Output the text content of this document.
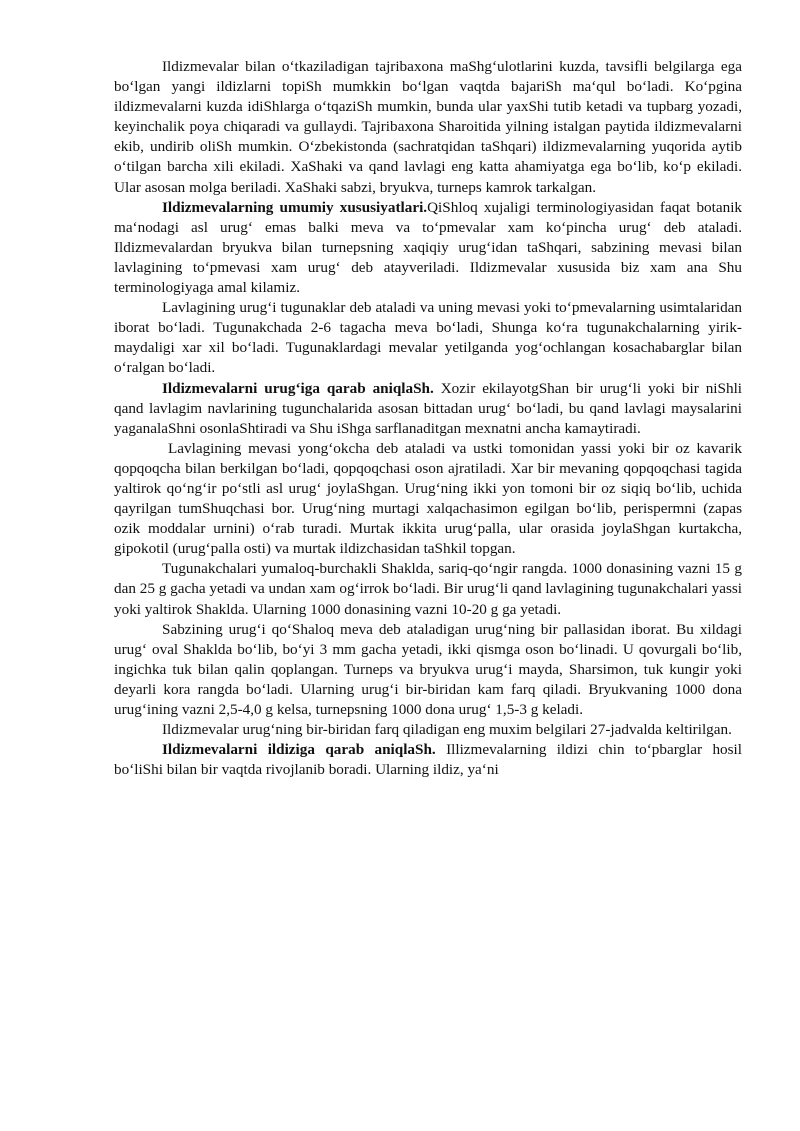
Ildizmevalar bilan o‘tkaziladigan tajribaxona maShg‘ulotlarini kuzda, tavsifli belgilarga ega bo‘lgan yangi ildizlarni topiSh mumkkin bo‘lgan vaqtda bajariSh ma‘qul bo‘ladi. Ko‘pgina ildizmevalarni kuzda idiShlarga o‘tqaziSh mumkin, bunda ular yaxShi tutib ketadi va tupbarg yozadi, keyinchalik poya chiqaradi va gullaydi. Tajribaxona Sharoitida yilning istalgan paytida ildizmevalarni ekib, undirib oliSh mumkin. O‘zbekistonda (sachratqidan taShqari) ildizmevalarning yuqorida aytib o‘tilgan barcha xili ekiladi. XaShaki va qand lavlagi eng katta ahamiyatga ega bo‘lib, ko‘p ekiladi. Ular asosan molga beriladi. XaShaki sabzi, bryukva, turneps kamrok tarkalgan.

Ildizmevalarning umumiy xususiyatlari.QiShloq xujaligi terminologiyasidan faqat botanik ma‘nodagi asl urug‘ emas balki meva va to‘pmevalar xam ko‘pincha urug‘ deb ataladi. Ildizmevalardan bryukva bilan turnepsning xaqiqiy urug‘idan taShqari, sabzining mevasi bilan lavlagining to‘pmevasi xam urug‘ deb atayveriladi. Ildizmevalar xususida biz xam ana Shu terminologiyaga amal kilamiz.

Lavlagining urug‘i tugunaklar deb ataladi va uning mevasi yoki to‘pmevalarning usimtalaridan iborat bo‘ladi. Tugunakchada 2-6 tagacha meva bo‘ladi, Shunga ko‘ra tugunakchalarning yirik-maydaligi xar xil bo‘ladi. Tugunaklardagi mevalar yetilganda yog‘ochlangan kosachabarglar bilan o‘ralgan bo‘ladi.

Ildizmevalarni urug‘iga qarab aniqlaSh. Xozir ekilayotgShan bir urug‘li yoki bir niShli qand lavlagim navlarining tugunchalarida asosan bittadan urug‘ bo‘ladi, bu qand lavlagi maysalarini yaganalaShni osonlaShtiradi va Shu iShga sarflanaditgan mexnatni ancha kamaytiradi.

Lavlagining mevasi yong‘okcha deb ataladi va ustki tomonidan yassi yoki bir oz kavarik qopqoqcha bilan berkilgan bo‘ladi, qopqoqchasi oson ajratiladi. Xar bir mevaning qopqoqchasi tagida yaltirok qo‘ng‘ir po‘stli asl urug‘ joylaShgan. Urug‘ning ikki yon tomoni bir oz siqiq bo‘lib, uchida qayrilgan tumShuqchasi bor. Urug‘ning murtagi xalqachasimon egilgan bo‘lib, perispermni (zapas ozik moddalar urnini) o‘rab turadi. Murtak ikkita urug‘palla, ular orasida joylaShgan kurtakcha, gipokotil (urug‘palla osti) va murtak ildizchasidan taShkil topgan.

Tugunakchalari yumaloq-burchakli Shaklda, sariq-qo‘ngir rangda. 1000 donasining vazni 15 g dan 25 g gacha yetadi va undan xam og‘irrok bo‘ladi. Bir urug‘li qand lavlagining tugunakchalari yassi yoki yaltirok Shaklda. Ularning 1000 donasining vazni 10-20 g ga yetadi.

Sabzining urug‘i qo‘Shaloq meva deb ataladigan urug‘ning bir pallasidan iborat. Bu xildagi urug‘ oval Shaklda bo‘lib, bo‘yi 3 mm gacha yetadi, ikki qismga oson bo‘linadi. U qovurgali bo‘lib, ingichka tuk bilan qalin qoplangan. Turneps va bryukva urug‘i mayda, Sharsimon, tuk kungir yoki deyarli kora rangda bo‘ladi. Ularning urug‘i bir-biridan kam farq qiladi. Bryukvaning 1000 dona urug‘ining vazni 2,5-4,0 g kelsa, turnepsning 1000 dona urug‘ 1,5-3 g keladi.

Ildizmevalar urug‘ning bir-biridan farq qiladigan eng muxim belgilari 27-jadvalda keltirilgan.

Ildizmevalarni ildiziga qarab aniqlaSh. Illizmevalarning ildizi chin to‘pbarglar hosil bo‘liShi bilan bir vaqtda rivojlanib boradi. Ularning ildiz, ya‘ni
